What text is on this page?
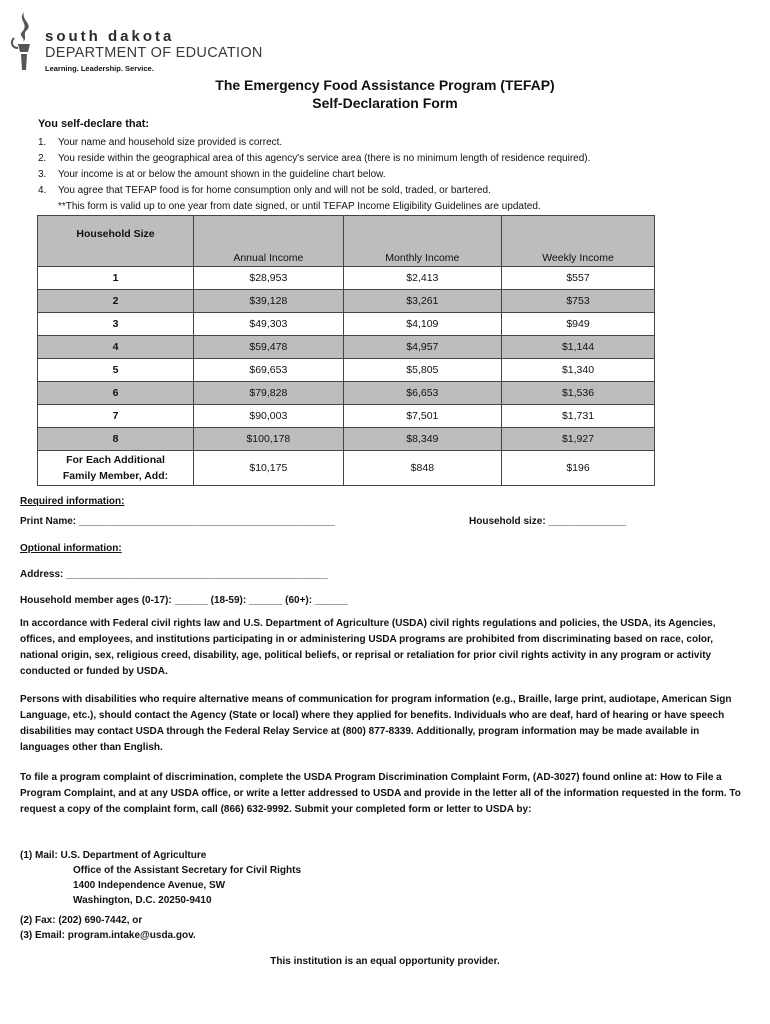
south dakota
DEPARTMENT OF EDUCATION
Learning. Leadership. Service.
The Emergency Food Assistance Program (TEFAP)
Self-Declaration Form
You self-declare that:
1. Your name and household size provided is correct.
2. You reside within the geographical area of this agency's service area (there is no minimum length of residence required).
3. Your income is at or below the amount shown in the guideline chart below.
4. You agree that TEFAP food is for home consumption only and will not be sold, traded, or bartered.
**This form is valid up to one year from date signed, or until TEFAP Income Eligibility Guidelines are updated.
Household Size	Annual Income	Monthly Income	Weekly Income
1	$28,953	$2,413	$557
2	$39,128	$3,261	$753
3	$49,303	$4,109	$949
4	$59,478	$4,957	$1,144
5	$69,653	$5,805	$1,340
6	$79,828	$6,653	$1,536
7	$90,003	$7,501	$1,731
8	$100,178	$8,349	$1,927
For Each Additional
Family Member, Add:	$10,175	$848	$196
Required information:
Print Name: ______________________________________________	Household size: ______________
Optional information:
Address: _______________________________________________
Household member ages (0-17): ______ (18-59): ______ (60+): ______
In accordance with Federal civil rights law and U.S. Department of Agriculture (USDA) civil rights regulations and policies, the USDA, its Agencies, offices, and employees, and institutions participating in or administering USDA programs are prohibited from discriminating based on race, color, national origin, sex, religious creed, disability, age, political beliefs, or reprisal or retaliation for prior civil rights activity in any program or activity conducted or funded by USDA.
Persons with disabilities who require alternative means of communication for program information (e.g., Braille, large print, audiotape, American Sign Language, etc.), should contact the Agency (State or local) where they applied for benefits. Individuals who are deaf, hard of hearing or have speech disabilities may contact USDA through the Federal Relay Service at (800) 877-8339. Additionally, program information may be made available in languages other than English.
To file a program complaint of discrimination, complete the USDA Program Discrimination Complaint Form, (AD-3027) found online at: How to File a Program Complaint, and at any USDA office, or write a letter addressed to USDA and provide in the letter all of the information requested in the form. To request a copy of the complaint form, call (866) 632-9992. Submit your completed form or letter to USDA by:
(1) Mail: U.S. Department of Agriculture
Office of the Assistant Secretary for Civil Rights
1400 Independence Avenue, SW
Washington, D.C. 20250-9410
(2) Fax: (202) 690-7442, or
(3) Email: program.intake@usda.gov.
This institution is an equal opportunity provider.
